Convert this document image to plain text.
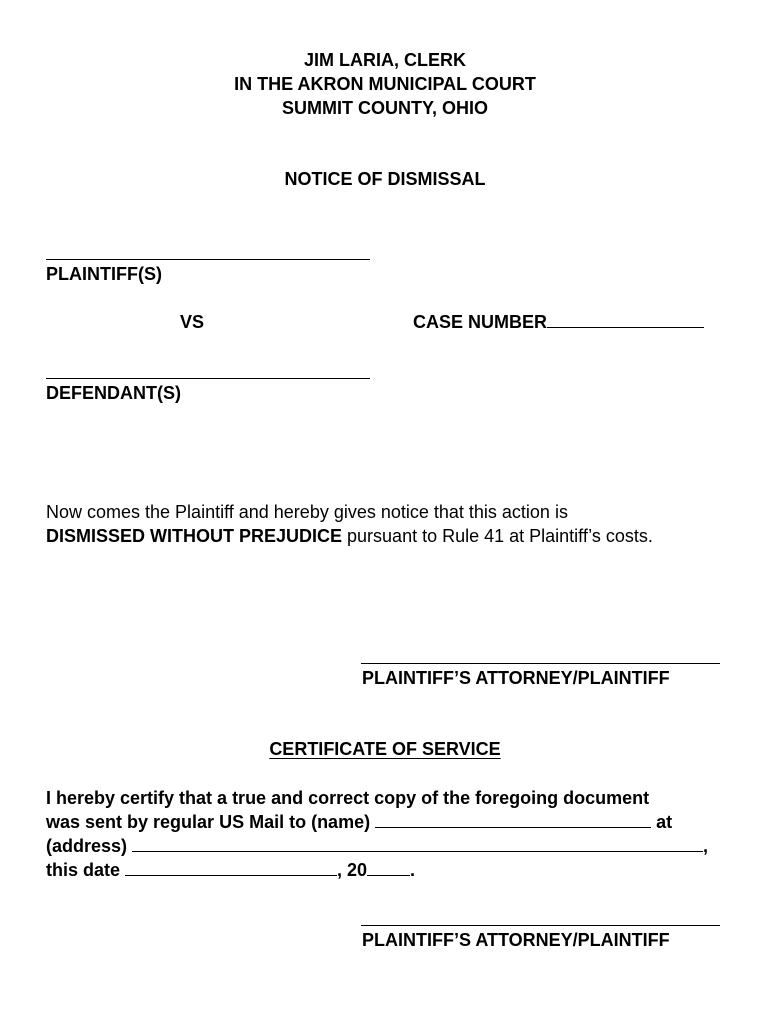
JIM LARIA, CLERK
IN THE AKRON MUNICIPAL COURT
SUMMIT COUNTY, OHIO
NOTICE OF DISMISSAL
PLAINTIFF(S)
VS	CASE NUMBER
DEFENDANT(S)
Now comes the Plaintiff and hereby gives notice that this action is
DISMISSED WITHOUT PREJUDICE pursuant to Rule 41 at Plaintiff’s costs.
PLAINTIFF’S ATTORNEY/PLAINTIFF
CERTIFICATE OF SERVICE
I hereby certify that a true and correct copy of the foregoing document
was sent by regular US Mail to (name)	at
(address)	,
this date	, 20 .
PLAINTIFF’S ATTORNEY/PLAINTIFF
